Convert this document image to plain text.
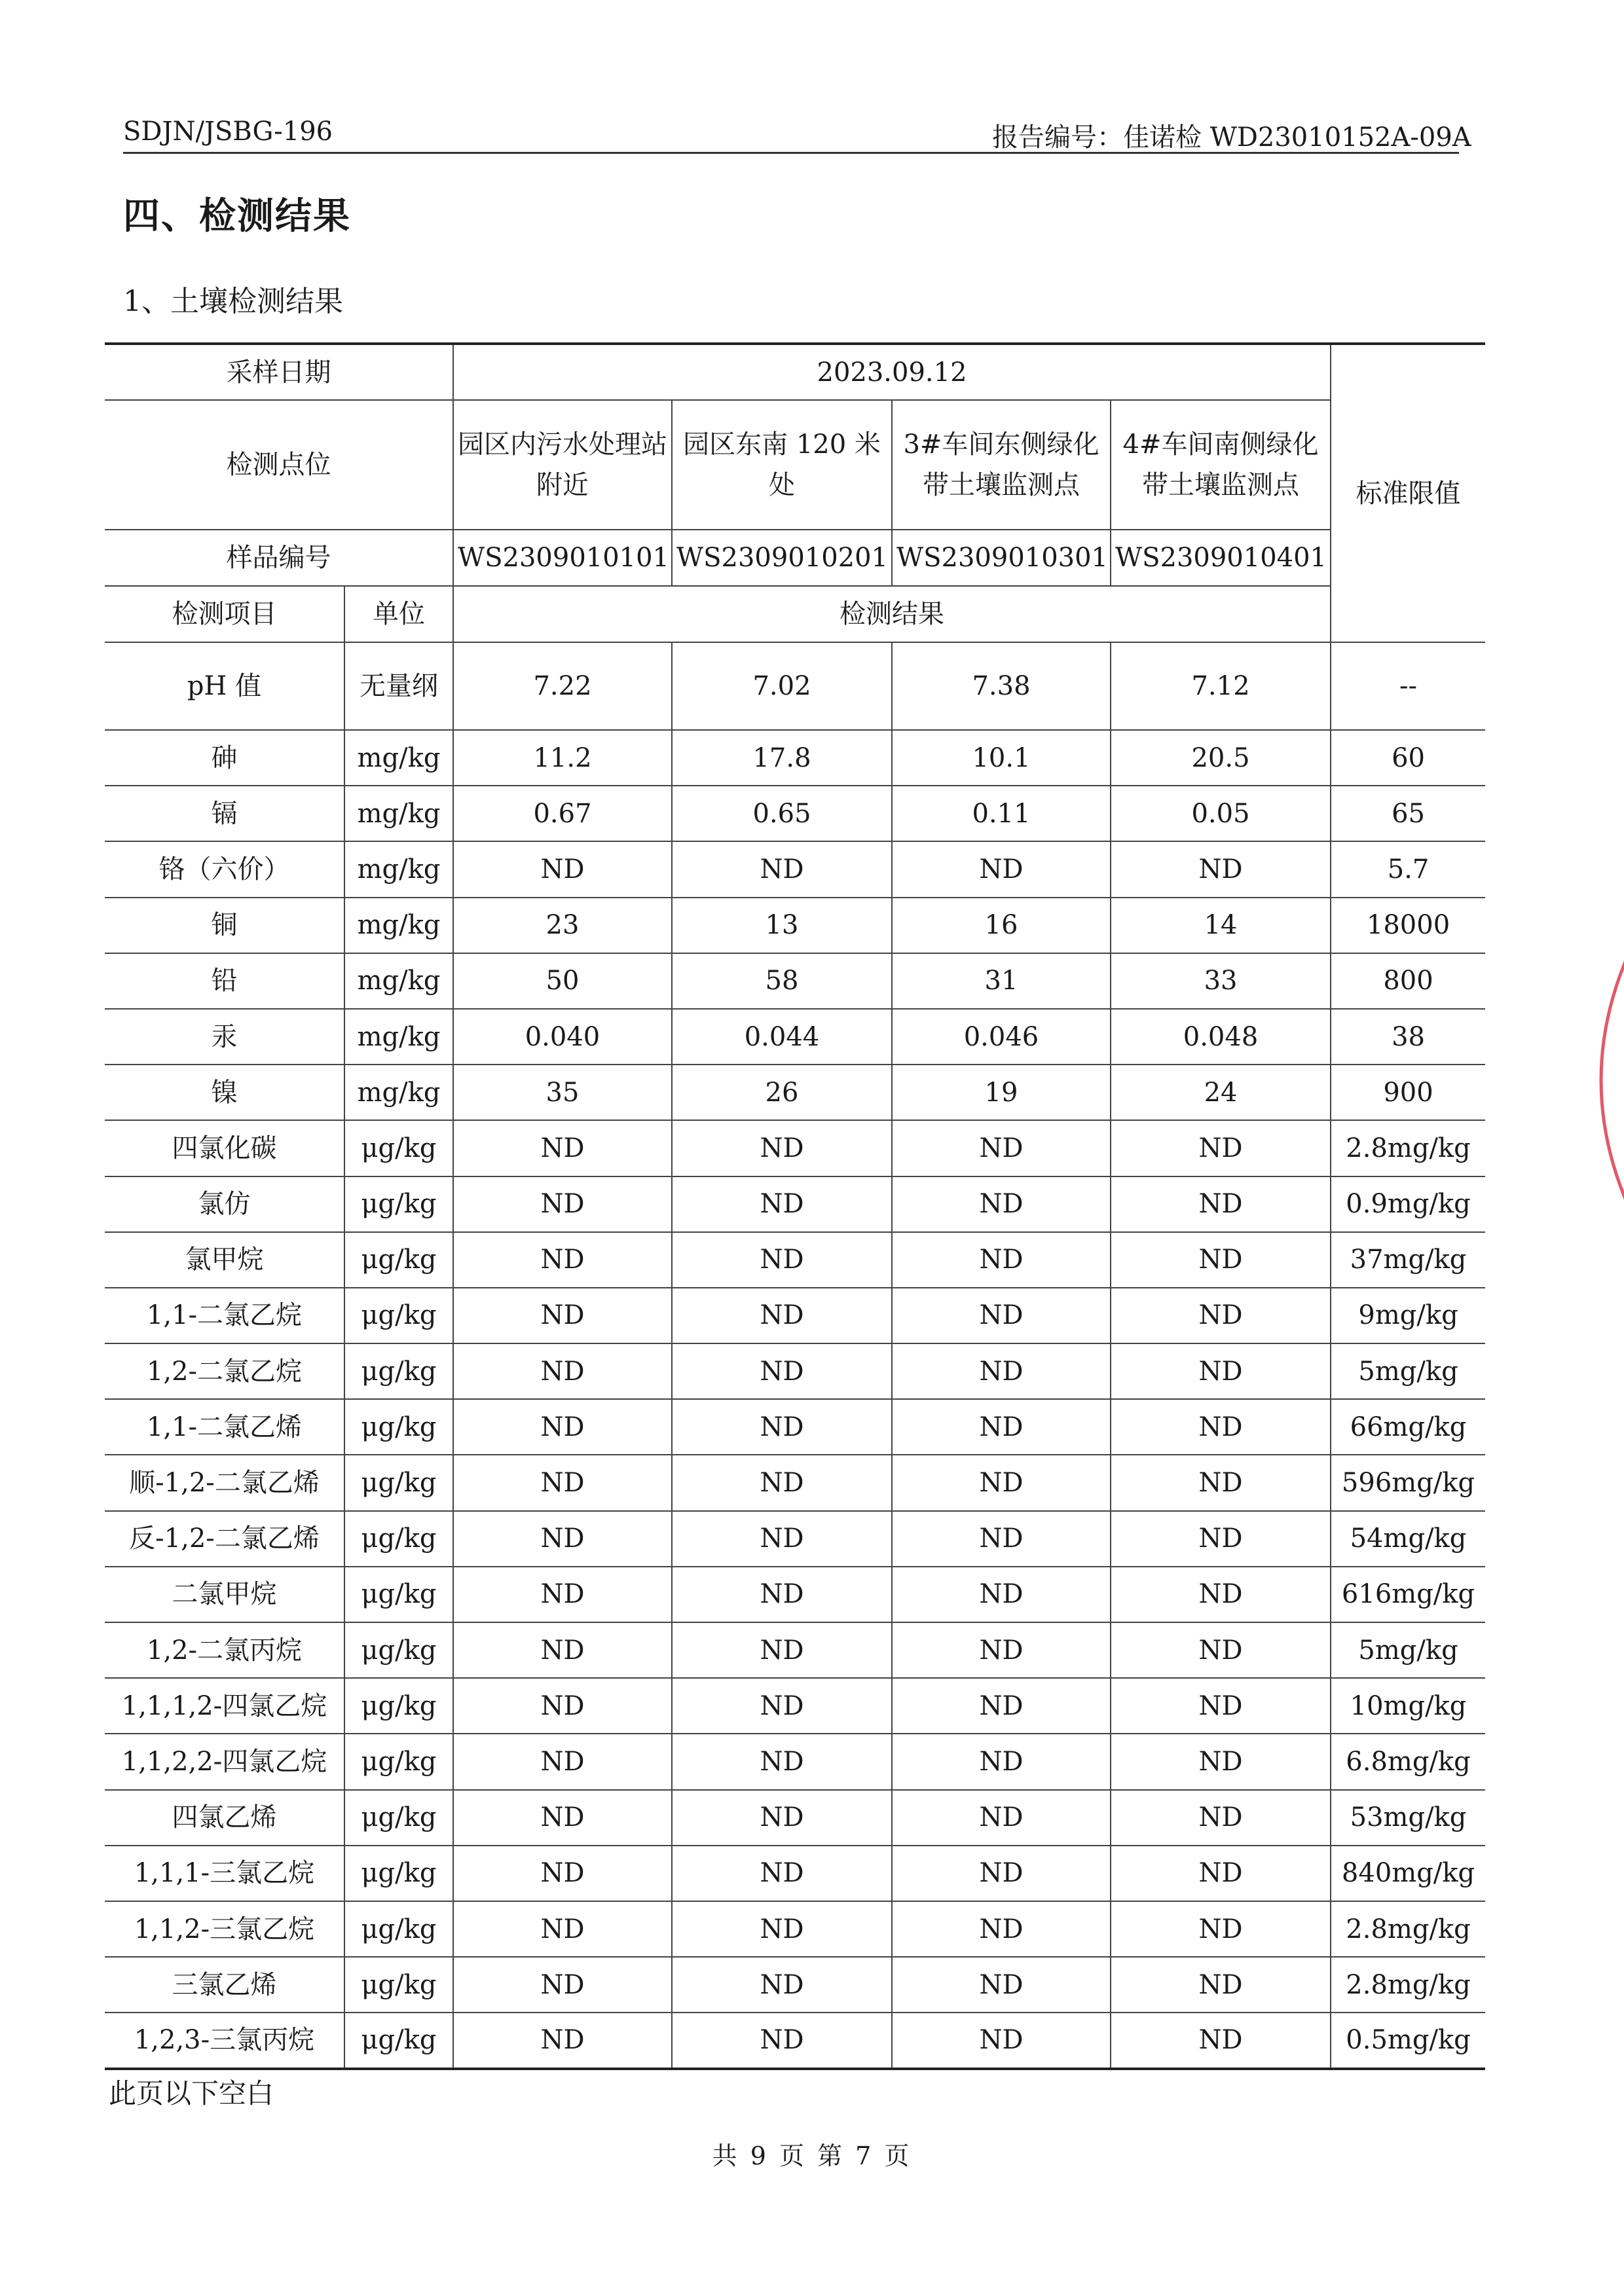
SDJN/JSBG-196	报告编号：佳诺检 WD23010152A-09A
四、检测结果
1、土壤检测结果
采样日期		2023.09.12				标准限值
检测点位		园区内污水处理站附近	园区东南 120 米处	3#车间东侧绿化带土壤监测点	4#车间南侧绿化带土壤监测点	
样品编号		WS2309010101	WS2309010201	WS2309010301	WS2309010401	
检测项目	单位	检测结果				
pH 值	无量纲	7.22	7.02	7.38	7.12	--
砷	mg/kg	11.2	17.8	10.1	20.5	60
镉	mg/kg	0.67	0.65	0.11	0.05	65
铬（六价）	mg/kg	ND	ND	ND	ND	5.7
铜	mg/kg	23	13	16	14	18000
铅	mg/kg	50	58	31	33	800
汞	mg/kg	0.040	0.044	0.046	0.048	38
镍	mg/kg	35	26	19	24	900
四氯化碳	μg/kg	ND	ND	ND	ND	2.8mg/kg
氯仿	μg/kg	ND	ND	ND	ND	0.9mg/kg
氯甲烷	μg/kg	ND	ND	ND	ND	37mg/kg
1,1-二氯乙烷	μg/kg	ND	ND	ND	ND	9mg/kg
1,2-二氯乙烷	μg/kg	ND	ND	ND	ND	5mg/kg
1,1-二氯乙烯	μg/kg	ND	ND	ND	ND	66mg/kg
顺-1,2-二氯乙烯	μg/kg	ND	ND	ND	ND	596mg/kg
反-1,2-二氯乙烯	μg/kg	ND	ND	ND	ND	54mg/kg
二氯甲烷	μg/kg	ND	ND	ND	ND	616mg/kg
1,2-二氯丙烷	μg/kg	ND	ND	ND	ND	5mg/kg
1,1,1,2-四氯乙烷	μg/kg	ND	ND	ND	ND	10mg/kg
1,1,2,2-四氯乙烷	μg/kg	ND	ND	ND	ND	6.8mg/kg
四氯乙烯	μg/kg	ND	ND	ND	ND	53mg/kg
1,1,1-三氯乙烷	μg/kg	ND	ND	ND	ND	840mg/kg
1,1,2-三氯乙烷	μg/kg	ND	ND	ND	ND	2.8mg/kg
三氯乙烯	μg/kg	ND	ND	ND	ND	2.8mg/kg
1,2,3-三氯丙烷	μg/kg	ND	ND	ND	ND	0.5mg/kg
此页以下空白
共 9 页 第 7 页
